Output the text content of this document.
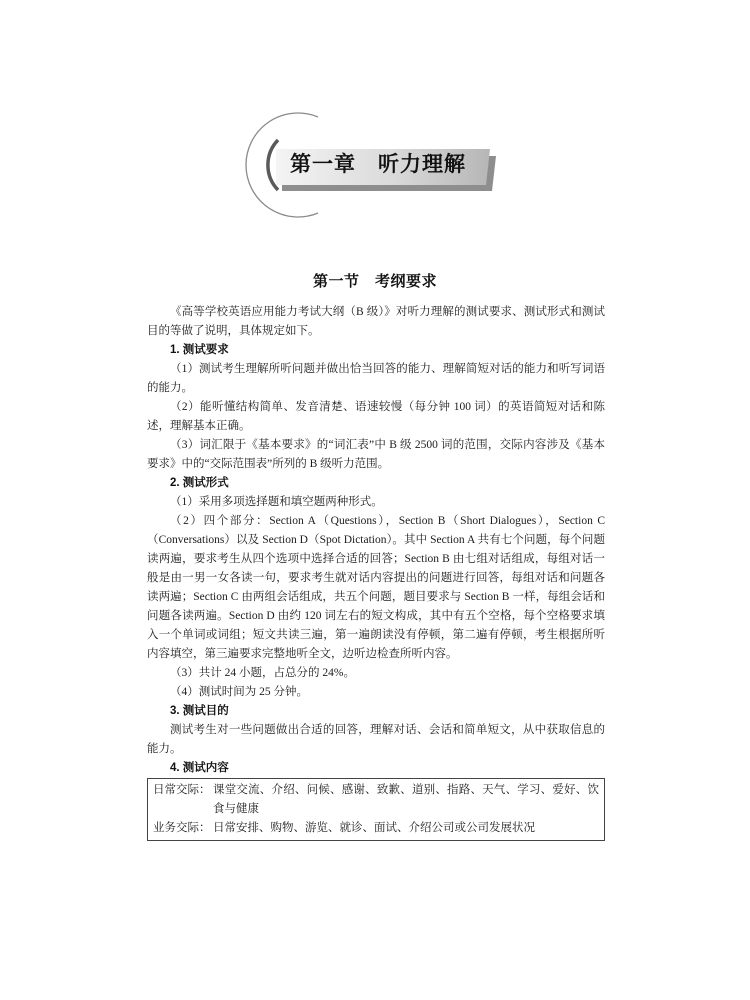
第一章　听力理解
第一节　考纲要求

《高等学校英语应用能力考试大纲（B 级）》对听力理解的测试要求、测试形式和测试目的等做了说明，具体规定如下。

1. 测试要求

（1）测试考生理解所听问题并做出恰当回答的能力、理解简短对话的能力和听写词语的能力。

（2）能听懂结构简单、发音清楚、语速较慢（每分钟 100 词）的英语简短对话和陈述，理解基本正确。

（3）词汇限于《基本要求》的“词汇表”中 B 级 2500 词的范围，交际内容涉及《基本要求》中的“交际范围表”所列的 B 级听力范围。

2. 测试形式

（1）采用多项选择题和填空题两种形式。

（2）四个部分：Section A（Questions），Section B（Short Dialogues），Section C（Conversations）以及 Section D（Spot Dictation）。其中 Section A 共有七个问题，每个问题读两遍，要求考生从四个选项中选择合适的回答；Section B 由七组对话组成，每组对话一般是由一男一女各读一句，要求考生就对话内容提出的问题进行回答，每组对话和问题各读两遍；Section C 由两组会话组成，共五个问题，题目要求与 Section B 一样，每组会话和问题各读两遍。Section D 由约 120 词左右的短文构成，其中有五个空格，每个空格要求填入一个单词或词组；短文共读三遍，第一遍朗读没有停顿，第二遍有停顿，考生根据所听内容填空，第三遍要求完整地听全文，边听边检查所听内容。

（3）共计 24 小题，占总分的 24%。

（4）测试时间为 25 分钟。

3. 测试目的

测试考生对一些问题做出合适的回答，理解对话、会话和简单短文，从中获取信息的能力。

4. 测试内容

日常交际： 课堂交流、介绍、问候、感谢、致歉、道别、指路、天气、学习、爱好、饮食与健康
业务交际： 日常安排、购物、游览、就诊、面试、介绍公司或公司发展状况
